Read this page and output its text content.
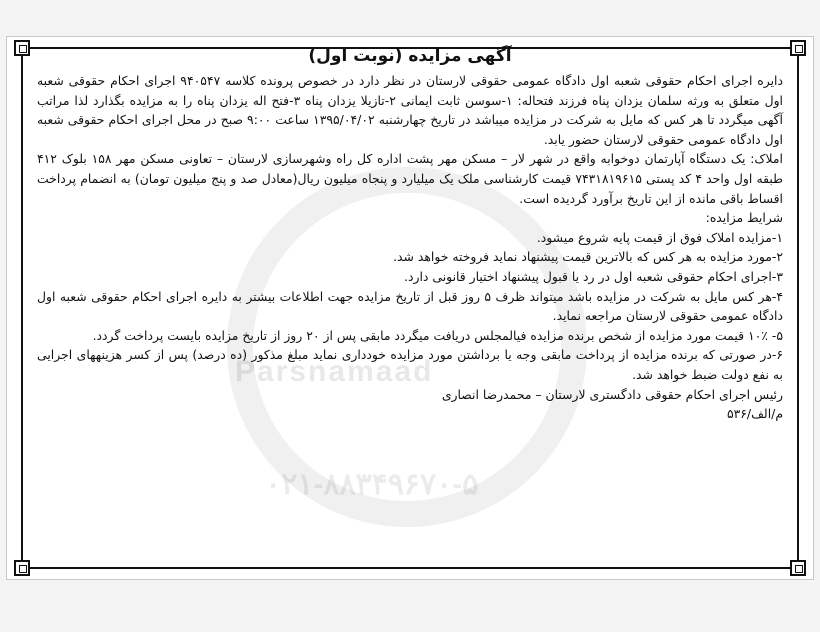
Parsnamaad
۰۲۱-۸۸۳۴۹۶۷۰-۵
آگهی مزایده (نوبت اول)

دایره اجرای احکام حقوقی شعبه اول دادگاه عمومی حقوقی لارستان در نظر دارد در خصوص پرونده کلاسه ۹۴۰۵۴۷ اجرای احکام حقوقی شعبه اول متعلق به ورثه سلمان یزدان پناه فرزند فتحاله: ۱-سوسن ثابت ایمانی ۲-تازیلا یزدان پناه ۳-فتح اله یزدان پناه را به مزایده بگذارد لذا مراتب آگهی میگردد تا هر کس که مایل به شرکت در مزایده میباشد در تاریخ چهارشنبه ۱۳۹۵/۰۴/۰۲ ساعت ۹:۰۰ صبح در محل اجرای احکام حقوقی شعبه اول دادگاه عمومی حقوقی لارستان حضور یابد.

املاک: یک دستگاه آپارتمان دوخوابه واقع در شهر لار – مسکن مهر پشت اداره کل راه وشهرسازی لارستان – تعاونی مسکن مهر ۱۵۸ بلوک ۴۱۲ طبقه اول واحد ۴ کد پستی ۷۴۳۱۸۱۹۶۱۵ قیمت کارشناسی ملک یک میلیارد و پنجاه میلیون ریال(معادل صد و پنج میلیون تومان) به انضمام پرداخت اقساط باقی مانده از این تاریخ برآورد گردیده است.

شرایط مزایده:

۱-مزایده املاک فوق از قیمت پایه شروع میشود.

۲-مورد مزایده به هر کس که بالاترین قیمت پیشنهاد نماید فروخته خواهد شد.

۳-اجرای احکام حقوقی شعبه اول در رد یا قبول پیشنهاد اختیار قانونی دارد.

۴-هر کس مایل به شرکت در مزایده باشد میتواند ظرف ۵ روز قبل از تاریخ مزایده جهت اطلاعات بیشتر به دایره اجرای احکام حقوقی شعبه اول دادگاه عمومی حقوقی لارستان مراجعه نماید.

۵- ۱۰٪ قیمت مورد مزایده از شخص برنده مزایده فیالمجلس دریافت میگردد مابقی پس از ۲۰ روز از تاریخ مزایده بایست پرداخت گردد.

۶-در صورتی که برنده مزایده از پرداخت مابقی وجه یا برداشتن مورد مزایده خودداری نماید مبلغ مذکور (ده درصد) پس از کسر هزینههای اجرایی به نفع دولت ضبط خواهد شد.

رئیس اجرای احکام حقوقی دادگستری لارستان – محمدرضا انصاری

م/الف/۵۳۶
